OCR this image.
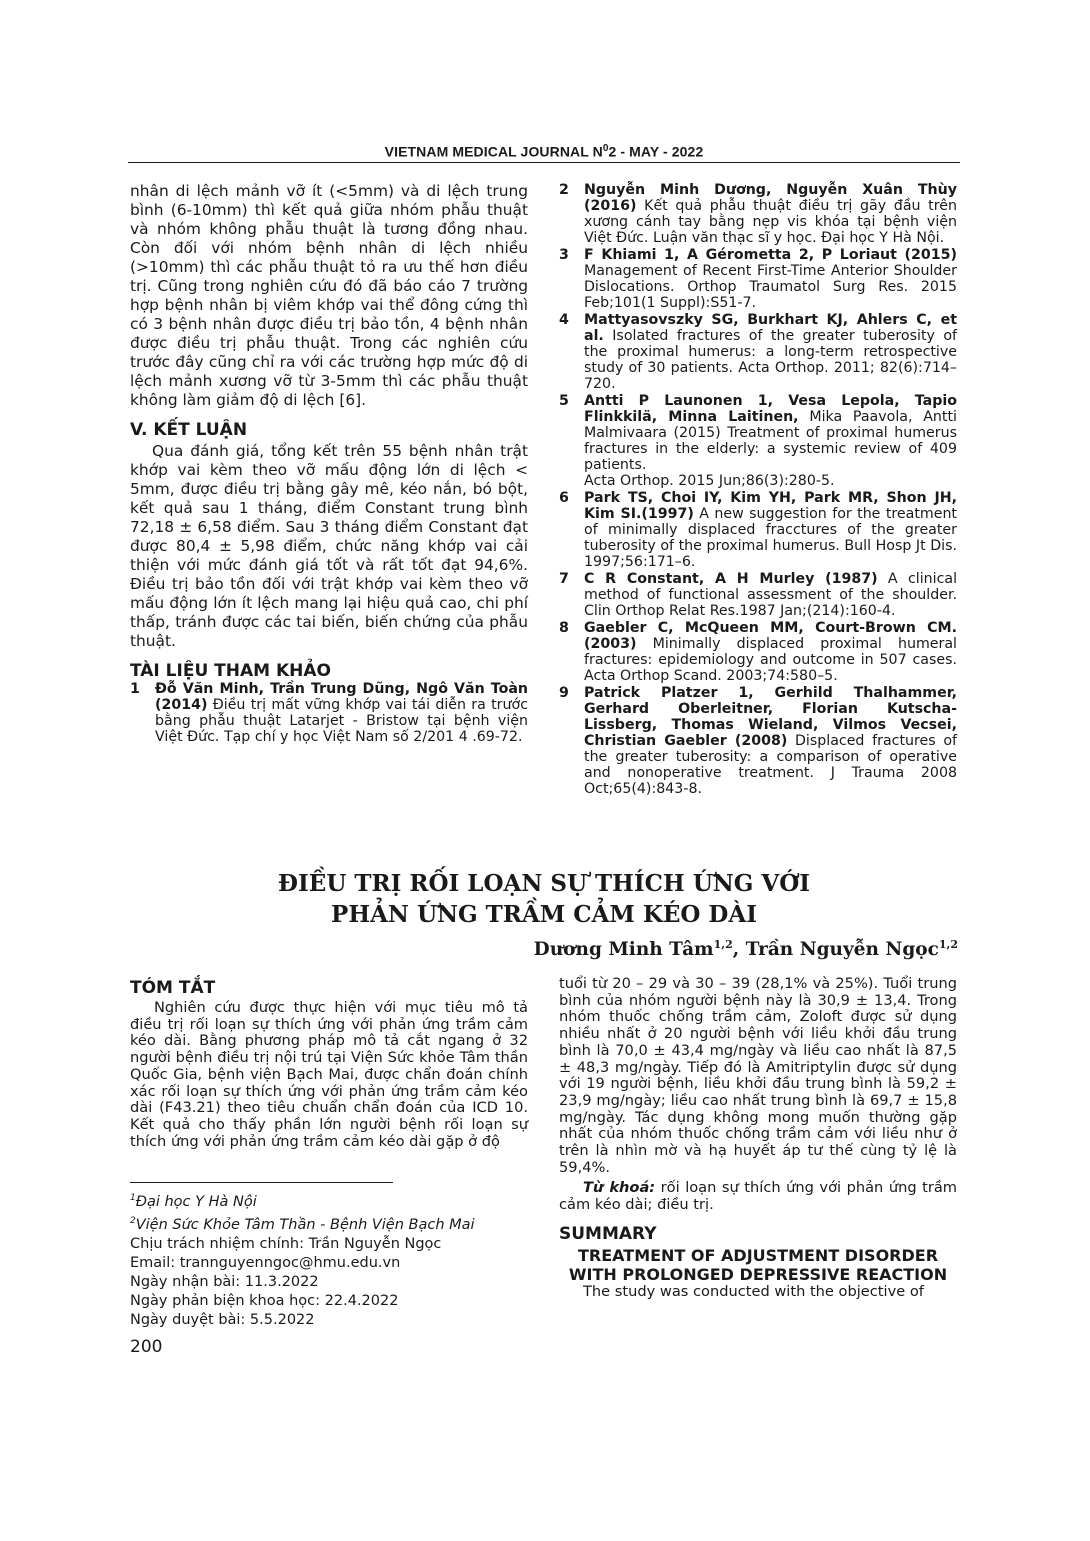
VIETNAM MEDICAL JOURNAL $N^02$ - MAY - 2022

nhân di lệch mảnh vỡ ít (<5mm) và di lệch trung bình (6-10mm) thì kết quả giữa nhóm phẫu thuật và nhóm không phẫu thuật là tương đồng nhau. Còn đối với nhóm bệnh nhân di lệch nhiều (>10mm) thì các phẫu thuật tỏ ra ưu thế hơn điều trị. Cũng trong nghiên cứu đó đã báo cáo 7 trường hợp bệnh nhân bị viêm khớp vai thể đông cứng thì có 3 bệnh nhân được điều trị bảo tồn, 4 bệnh nhân được điều trị phẫu thuật. Trong các nghiên cứu trước đây cũng chỉ ra với các trường hợp mức độ di lệch mảnh xương vỡ từ 3-5mm thì các phẫu thuật không làm giảm độ di lệch [6].

V. KẾT LUẬN

Qua đánh giá, tổng kết trên 55 bệnh nhân trật khớp vai kèm theo vỡ mấu động lớn di lệch < 5mm, được điều trị bằng gây mê, kéo nắn, bó bột, kết quả sau 1 tháng, điểm Constant trung bình 72,18 ± 6,58 điểm. Sau 3 tháng điểm Constant đạt được 80,4 ± 5,98 điểm, chức năng khớp vai cải thiện với mức đánh giá tốt và rất tốt đạt 94,6%. Điều trị bảo tồn đối với trật khớp vai kèm theo vỡ mấu động lớn ít lệch mang lại hiệu quả cao, chi phí thấp, tránh được các tai biến, biến chứng của phẫu thuật.

TÀI LIỆU THAM KHẢO
1 Đỗ Văn Minh, Trần Trung Dũng, Ngô Văn Toàn (2014) Điều trị mất vững khớp vai tái diễn ra trước bằng phẫu thuật Latarjet - Bristow tại bệnh viện Việt Đức. Tạp chí y học Việt Nam số 2/201 4 .69-72.
2 Nguyễn Minh Dương, Nguyễn Xuân Thùy (2016) Kết quả phẫu thuật điều trị gãy đầu trên xương cánh tay bằng nẹp vis khóa tại bệnh viện Việt Đức. Luận văn thạc sĩ y học. Đại học Y Hà Nội.
3 F Khiami 1, A Gérometta 2, P Loriaut (2015) Management of Recent First-Time Anterior Shoulder Dislocations. Orthop Traumatol Surg Res. 2015 Feb;101(1 Suppl):S51-7.
4 Mattyasovszky SG, Burkhart KJ, Ahlers C, et al. Isolated fractures of the greater tuberosity of the proximal humerus: a long-term retrospective study of 30 patients. Acta Orthop. 2011; 82(6):714–720.
5 Antti P Launonen 1, Vesa Lepola, Tapio Flinkkilä, Minna Laitinen, Mika Paavola, Antti Malmivaara (2015) Treatment of proximal humerus fractures in the elderly: a systemic review of 409 patients.
Acta Orthop. 2015 Jun;86(3):280-5.
6 Park TS, Choi IY, Kim YH, Park MR, Shon JH, Kim SI.(1997) A new suggestion for the treatment of minimally displaced fracctures of the greater tuberosity of the proximal humerus. Bull Hosp Jt Dis. 1997;56:171–6.
7 C R Constant, A H Murley (1987) A clinical method of functional assessment of the shoulder. Clin Orthop Relat Res.1987 Jan;(214):160-4.
8 Gaebler C, McQueen MM, Court-Brown CM.(2003) Minimally displaced proximal humeral fractures: epidemiology and outcome in 507 cases. Acta Orthop Scand. 2003;74:580–5.
9 Patrick Platzer 1, Gerhild Thalhammer, Gerhard Oberleitner, Florian Kutscha-Lissberg, Thomas Wieland, Vilmos Vecsei, Christian Gaebler (2008) Displaced fractures of the greater tuberosity: a comparison of operative and nonoperative treatment. J Trauma 2008 Oct;65(4):843-8.
ĐIỀU TRỊ RỐI LOẠN SỰ THÍCH ỨNG VỚI
PHẢN ỨNG TRẦM CẢM KÉO DÀI
Dương Minh Tâm$^{1,2}$, Trần Nguyễn Ngọc$^{1,2}$
TÓM TẮT

Nghiên cứu được thực hiện với mục tiêu mô tả điều trị rối loạn sự thích ứng với phản ứng trầm cảm kéo dài. Bằng phương pháp mô tả cắt ngang ở 32 người bệnh điều trị nội trú tại Viện Sức khỏe Tâm thần Quốc Gia, bệnh viện Bạch Mai, được chẩn đoán chính xác rối loạn sự thích ứng với phản ứng trầm cảm kéo dài (F43.21) theo tiêu chuẩn chẩn đoán của ICD 10. Kết quả cho thấy phần lớn người bệnh rối loạn sự thích ứng với phản ứng trầm cảm kéo dài gặp ở độ

$^1$Đại học Y Hà Nội
$^2$Viện Sức Khỏe Tâm Thần - Bệnh Viện Bạch Mai
Chịu trách nhiệm chính: Trần Nguyễn Ngọc
Email: trannguyenngoc@hmu.edu.vn
Ngày nhận bài: 11.3.2022
Ngày phản biện khoa học: 22.4.2022
Ngày duyệt bài: 5.5.2022
200

tuổi từ 20 – 29 và 30 – 39 (28,1% và 25%). Tuổi trung bình của nhóm người bệnh này là 30,9 ± 13,4. Trong nhóm thuốc chống trầm cảm, Zoloft được sử dụng nhiều nhất ở 20 người bệnh với liều khởi đầu trung bình là 70,0 ± 43,4 mg/ngày và liều cao nhất là 87,5 ± 48,3 mg/ngày. Tiếp đó là Amitriptylin được sử dụng với 19 người bệnh, liều khởi đầu trung bình là 59,2 ± 23,9 mg/ngày; liều cao nhất trung bình là 69,7 ± 15,8 mg/ngày. Tác dụng không mong muốn thường gặp nhất của nhóm thuốc chống trầm cảm với liều như ở trên là nhìn mờ và hạ huyết áp tư thế cùng tỷ lệ là 59,4%.

Từ khoá: rối loạn sự thích ứng với phản ứng trầm cảm kéo dài; điều trị.

SUMMARY
TREATMENT OF ADJUSTMENT DISORDER
WITH PROLONGED DEPRESSIVE REACTION

The study was conducted with the objective of
